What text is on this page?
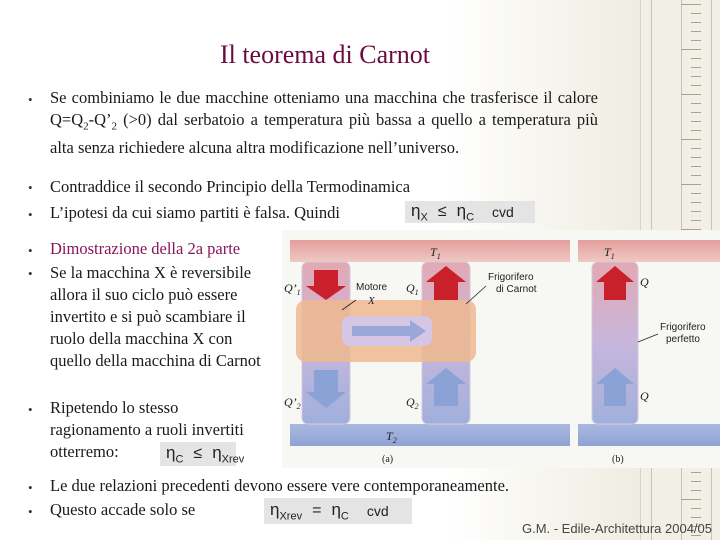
Il teorema di Carnot
• Se combiniamo le due macchine otteniamo una macchina che trasferisce il calore $Q=Q_2-Q’_2$ (>0) dal serbatoio a temperatura più bassa a quello a temperatura più alta senza richiedere alcuna altra modificazione nell’universo.
• Contraddice il secondo Principio della Termodinamica
• L’ipotesi da cui siamo partiti è falsa. Quindi	$\eta_X \le \eta_C$ cvd
• Dimostrazione della 2a parte
• Se la macchina X è reversibile allora il suo ciclo può essere invertito e si può scambiare il ruolo della macchina X con quello della macchina di Carnot
• Ripetendo lo stesso ragionamento a ruoli invertiti otterremo:	$\eta_C \le \eta_{Xrev}$
• Le due relazioni precedenti devono essere vere contemporaneamente.
• Questo accade solo se	$\eta_{Xrev} = \eta_C$ cvd
$T_1$
$T_2$
$Q’_1$
$Q’_2$
$Q_1$
$Q_2$
Motore
X
Frigorifero
di Carnot
(a)
$T_1$
Q
Q
Frigorifero
perfetto
(b)
G.M. - Edile-Architettura 2004/05
